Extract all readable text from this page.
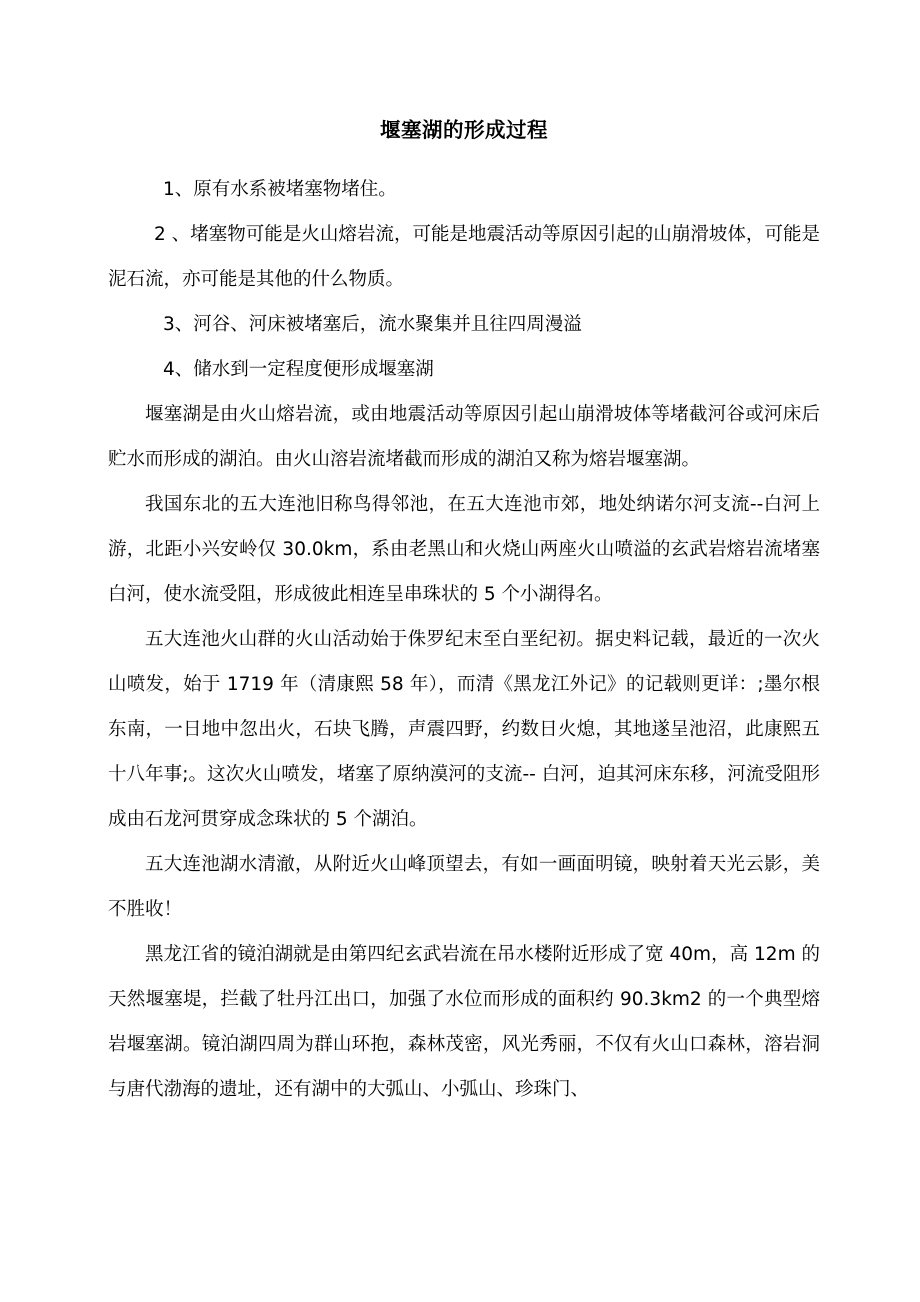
堰塞湖的形成过程

1、原有水系被堵塞物堵住。

2 、堵塞物可能是火山熔岩流，可能是地震活动等原因引起的山崩滑坡体，可能是泥石流，亦可能是其他的什么物质。

3、河谷、河床被堵塞后，流水聚集并且往四周漫溢

4、储水到一定程度便形成堰塞湖

堰塞湖是由火山熔岩流，或由地震活动等原因引起山崩滑坡体等堵截河谷或河床后贮水而形成的湖泊。由火山溶岩流堵截而形成的湖泊又称为熔岩堰塞湖。

我国东北的五大连池旧称鸟得邻池，在五大连池市郊，地处纳诺尔河支流--白河上游，北距小兴安岭仅 30.0km，系由老黑山和火烧山两座火山喷溢的玄武岩熔岩流堵塞白河，使水流受阻，形成彼此相连呈串珠状的 5 个小湖得名。

五大连池火山群的火山活动始于侏罗纪末至白垩纪初。据史料记载，最近的一次火山喷发，始于 1719 年（清康熙 58 年），而清《黑龙江外记》的记载则更详：;墨尔根东南，一日地中忽出火，石块飞腾，声震四野，约数日火熄，其地遂呈池沼，此康熙五十八年事;。这次火山喷发，堵塞了原纳漠河的支流-- 白河，迫其河床东移，河流受阻形成由石龙河贯穿成念珠状的 5 个湖泊。

五大连池湖水清澈，从附近火山峰顶望去，有如一画面明镜，映射着天光云影，美不胜收！

黑龙江省的镜泊湖就是由第四纪玄武岩流在吊水楼附近形成了宽 40m，高 12m 的天然堰塞堤，拦截了牡丹江出口，加强了水位而形成的面积约 90.3km2 的一个典型熔岩堰塞湖。镜泊湖四周为群山环抱，森林茂密，风光秀丽，不仅有火山口森林，溶岩洞与唐代渤海的遗址，还有湖中的大弧山、小弧山、珍珠门、
